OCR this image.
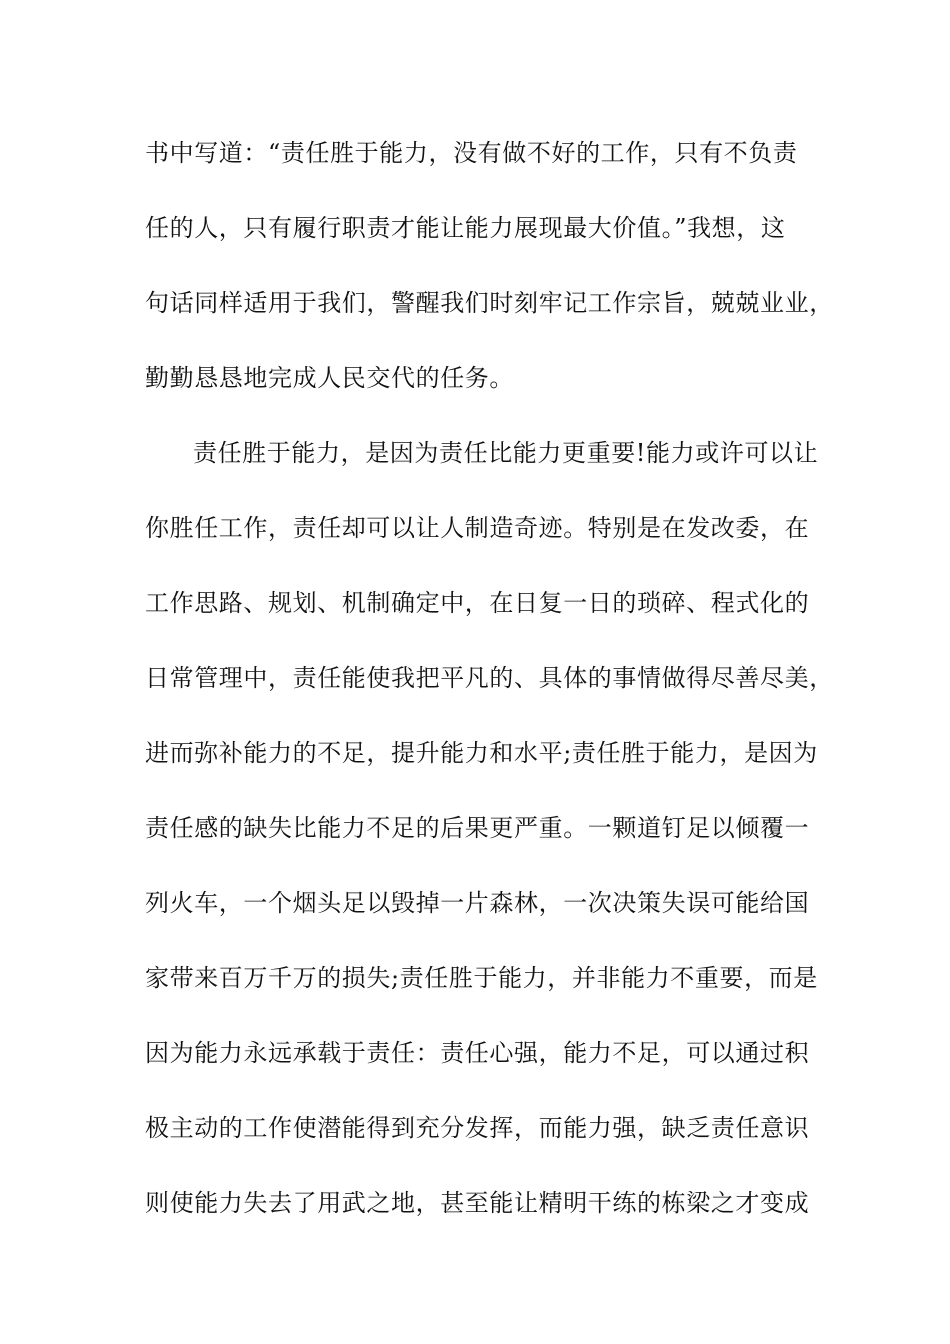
书中写道：“责任胜于能力，没有做不好的工作，只有不负责
任的人，只有履行职责才能让能力展现最大价值。”我想，这
句话同样适用于我们，警醒我们时刻牢记工作宗旨，兢兢业业，
勤勤恳恳地完成人民交代的任务。
责任胜于能力，是因为责任比能力更重要!能力或许可以让
你胜任工作，责任却可以让人制造奇迹。特别是在发改委，在
工作思路、规划、机制确定中，在日复一日的琐碎、程式化的
日常管理中，责任能使我把平凡的、具体的事情做得尽善尽美，
进而弥补能力的不足，提升能力和水平;责任胜于能力，是因为
责任感的缺失比能力不足的后果更严重。一颗道钉足以倾覆一
列火车，一个烟头足以毁掉一片森林，一次决策失误可能给国
家带来百万千万的损失;责任胜于能力，并非能力不重要，而是
因为能力永远承载于责任：责任心强，能力不足，可以通过积
极主动的工作使潜能得到充分发挥，而能力强，缺乏责任意识
则使能力失去了用武之地，甚至能让精明干练的栋梁之才变成
